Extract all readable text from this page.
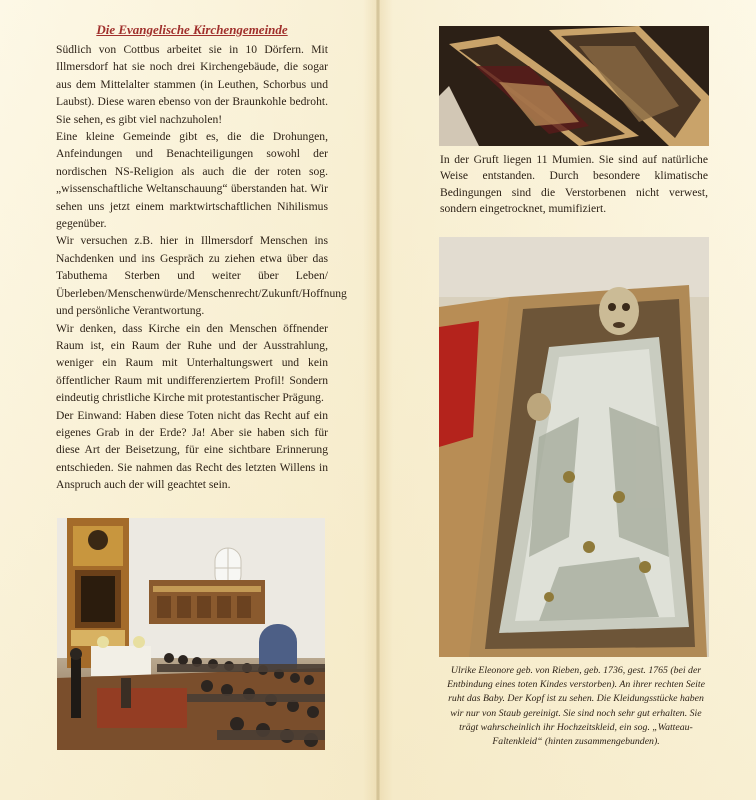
Die Evangelische Kirchengemeinde

Südlich von Cottbus arbeitet sie in 10 Dörfern. Mit Illmersdorf hat sie noch drei Kirchengebäude, die sogar aus dem Mittelalter stammen (in Leuthen, Schorbus und Laubst). Diese waren ebenso von der Braunkohle bedroht. Sie sehen, es gibt viel nachzuholen!

Eine kleine Gemeinde gibt es, die die Drohungen, Anfeindungen und Benachteiligungen sowohl der nordischen NS-Religion als auch die der roten sog. „wissenschaftliche Weltanschauung“ überstanden hat. Wir sehen uns jetzt einem marktwirtschaftlichen Nihilismus gegenüber.

Wir versuchen z.B. hier in Illmersdorf Menschen ins Nachdenken und ins Gespräch zu ziehen etwa über das Tabuthema Sterben und weiter über Leben/Überleben/Menschenwürde/Menschenrecht/Zukunft/Hoffnung und persönliche Verantwortung.

Wir denken, dass Kirche ein den Menschen öffnender Raum ist, ein Raum der Ruhe und der Ausstrahlung, weniger ein Raum mit Unterhaltungswert und kein öffentlicher Raum mit undifferenziertem Profil! Sondern eindeutig christliche Kirche mit protestantischer Prägung.

Der Einwand: Haben diese Toten nicht das Recht auf ein eigenes Grab in der Erde? Ja! Aber sie haben sich für diese Art der Beisetzung, für eine sichtbare Erinnerung entschieden. Sie nahmen das Recht des letzten Willens in Anspruch auch der will geachtet sein.

In der Gruft liegen 11 Mumien. Sie sind auf natürliche Weise entstanden. Durch besondere klimatische Bedingungen sind die Verstorbenen nicht verwest, sondern eingetrocknet, mumifiziert.

Ulrike Eleonore geb. von Rieben, geb. 1736, gest. 1765 (bei der Entbindung eines toten Kindes verstorben). An ihrer rechten Seite ruht das Baby. Der Kopf ist zu sehen. Die Kleidungsstücke haben wir nur von Staub gereinigt. Sie sind noch sehr gut erhalten. Sie trägt wahrscheinlich ihr Hochzeitskleid, ein sog. „Watteau-Faltenkleid“ (hinten zusammengebunden).
